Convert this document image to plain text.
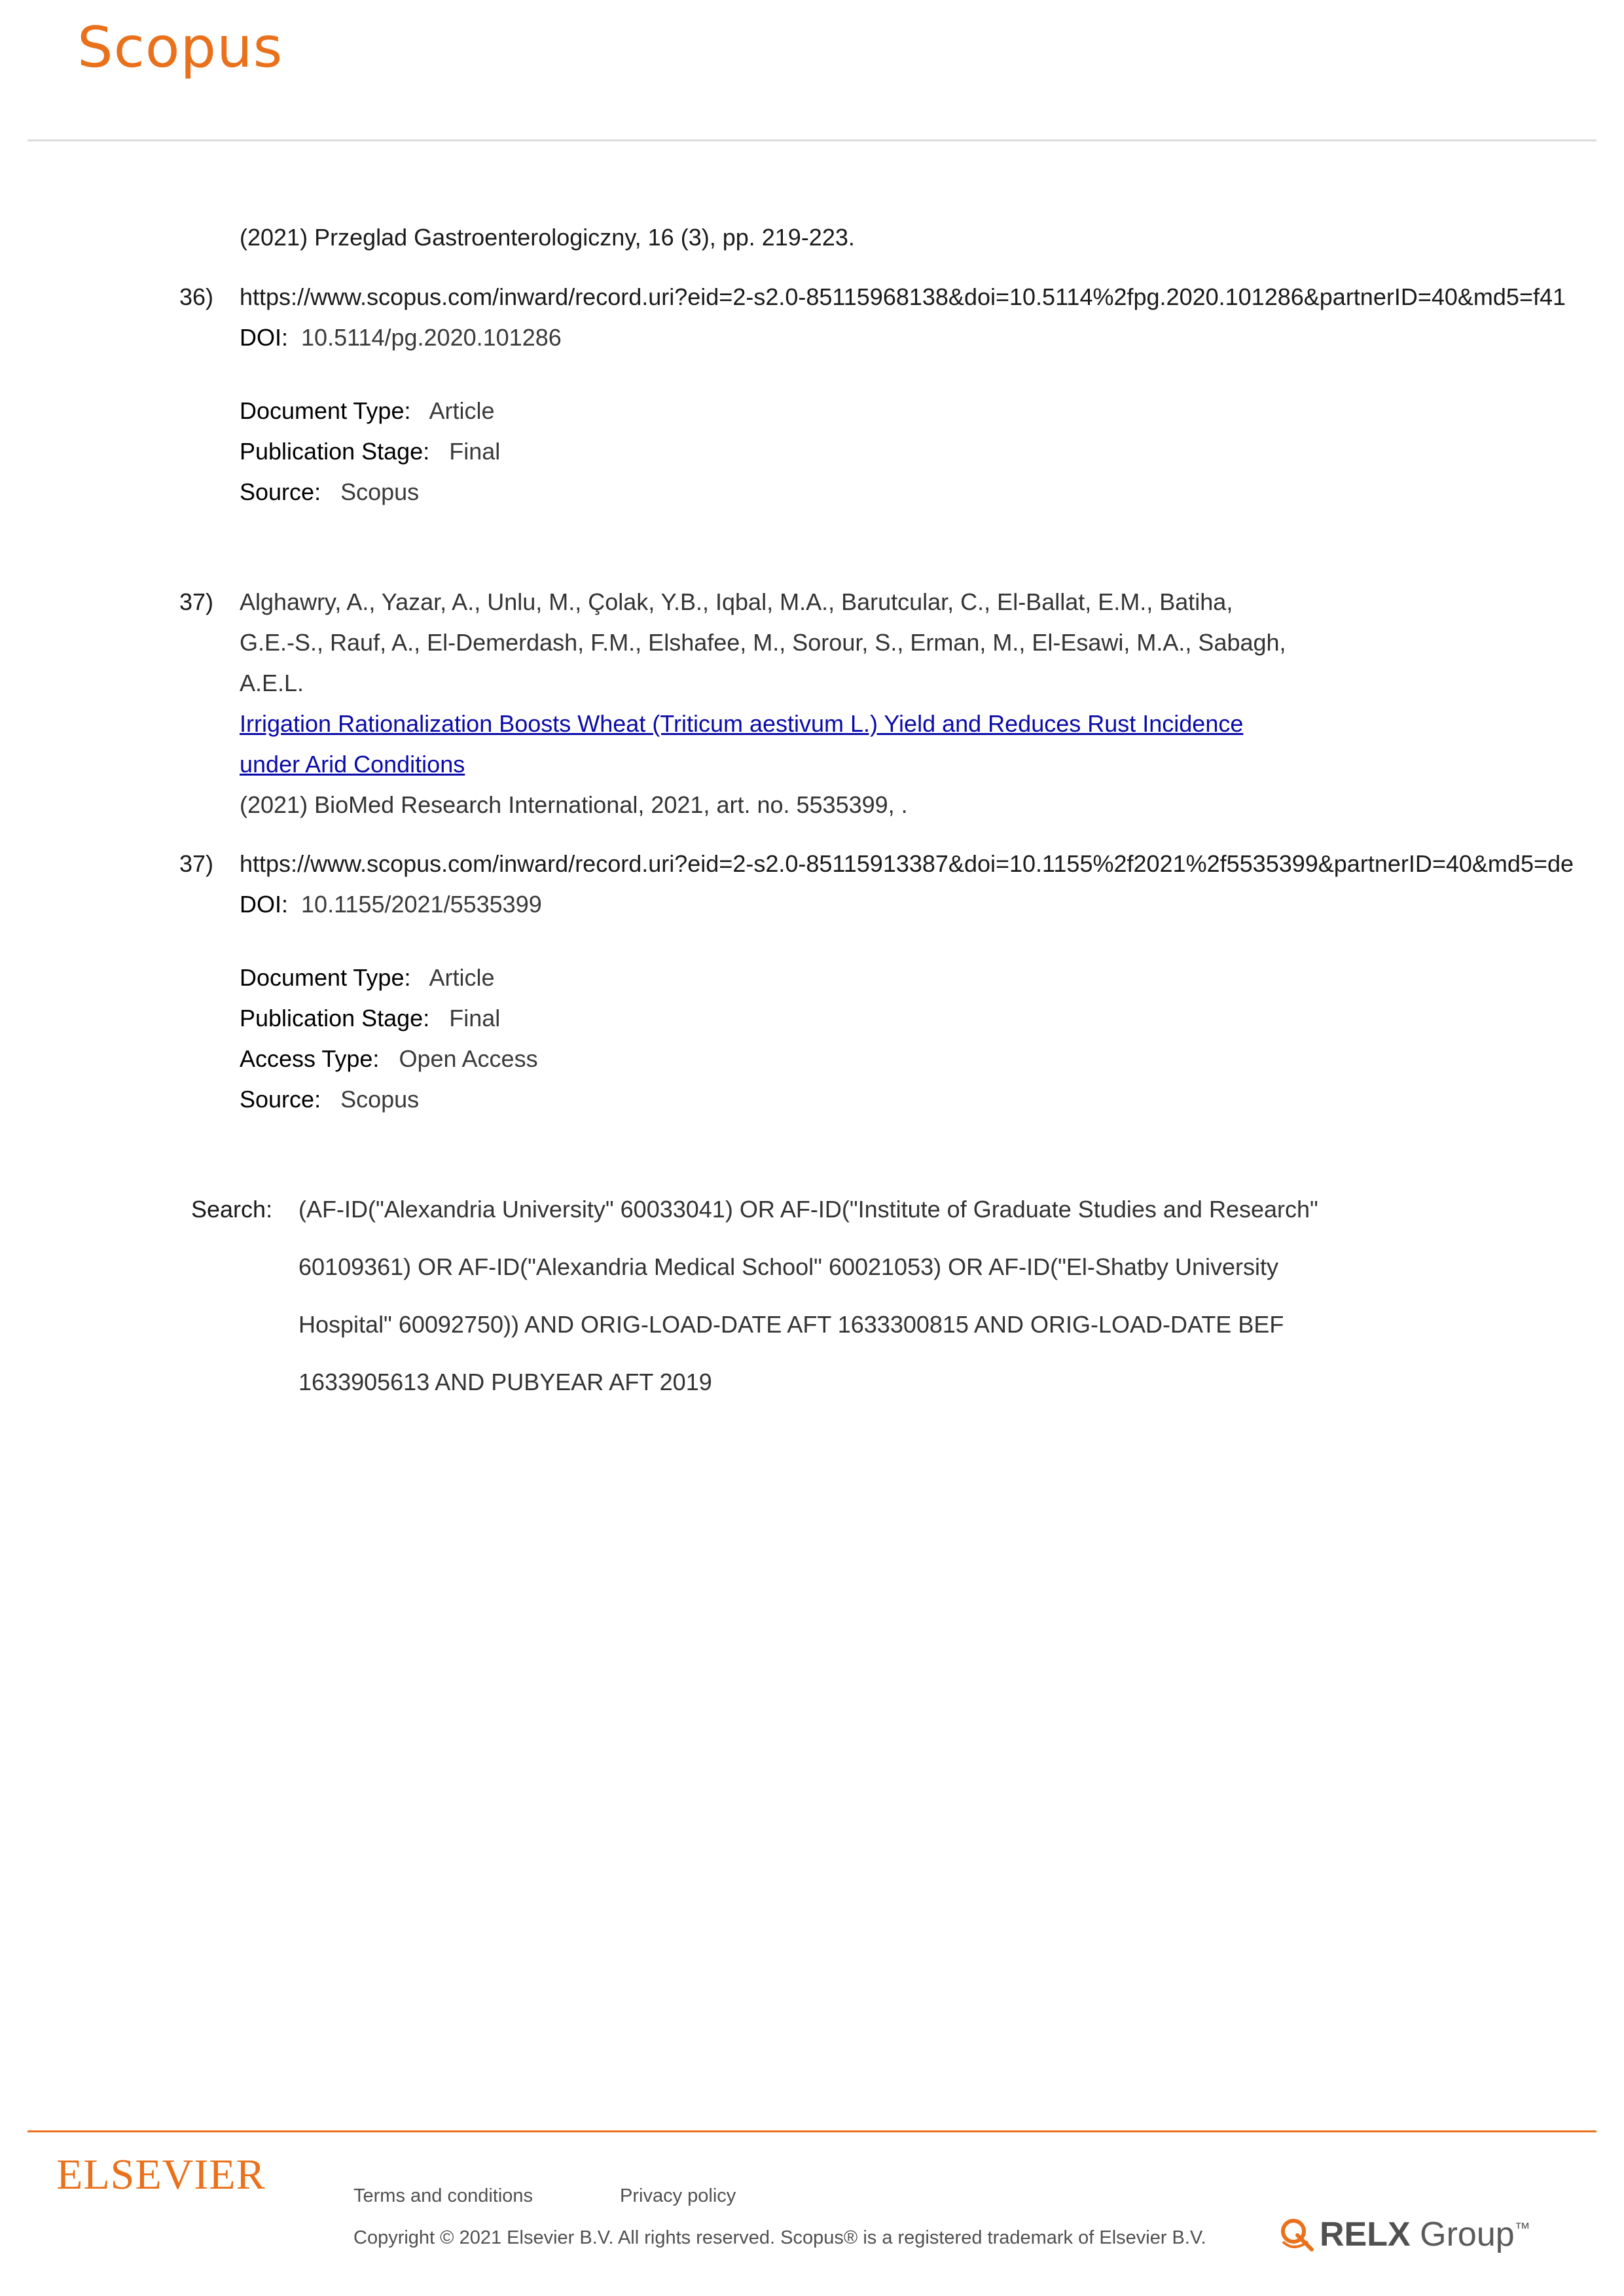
Scopus
(2021) Przeglad Gastroenterologiczny, 16 (3), pp. 219-223.
36) https://www.scopus.com/inward/record.uri?eid=2-s2.0-85115968138&doi=10.5114%2fpg.2020.101286&partnerID=40&md5=f41
DOI: 10.5114/pg.2020.101286
Document Type: Article
Publication Stage: Final
Source: Scopus
37) Alghawry, A., Yazar, A., Unlu, M., Çolak, Y.B., Iqbal, M.A., Barutcular, C., El-Ballat, E.M., Batiha,
G.E.-S., Rauf, A., El-Demerdash, F.M., Elshafee, M., Sorour, S., Erman, M., El-Esawi, M.A., Sabagh,
A.E.L.
Irrigation Rationalization Boosts Wheat (Triticum aestivum L.) Yield and Reduces Rust Incidence
under Arid Conditions
(2021) BioMed Research International, 2021, art. no. 5535399, .
37) https://www.scopus.com/inward/record.uri?eid=2-s2.0-85115913387&doi=10.1155%2f2021%2f5535399&partnerID=40&md5=de
DOI: 10.1155/2021/5535399
Document Type: Article
Publication Stage: Final
Access Type: Open Access
Source: Scopus
Search: (AF-ID("Alexandria University" 60033041) OR AF-ID("Institute of Graduate Studies and Research"
60109361) OR AF-ID("Alexandria Medical School" 60021053) OR AF-ID("El-Shatby University
Hospital" 60092750)) AND ORIG-LOAD-DATE AFT 1633300815 AND ORIG-LOAD-DATE BEF
1633905613 AND PUBYEAR AFT 2019
ELSEVIER	Terms and conditions	Privacy policy
Copyright © 2021 Elsevier B.V. All rights reserved. Scopus® is a registered trademark of Elsevier B.V.	RELX Group™
